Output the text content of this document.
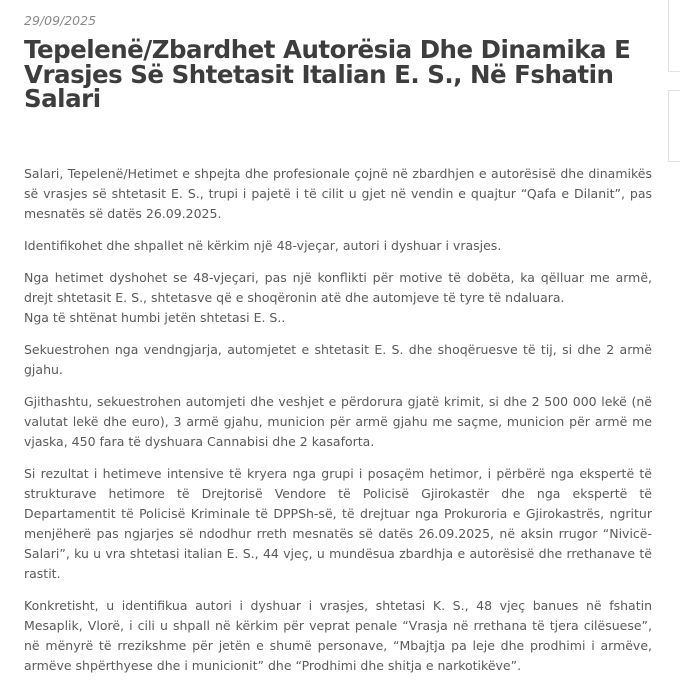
29/09/2025
Tepelenë/Zbardhet Autorësia Dhe Dinamika E Vrasjes Së Shtetasit Italian E. S., Në Fshatin Salari

Salari, Tepelenë/Hetimet e shpejta dhe profesionale çojnë në zbardhjen e autorësisë dhe dinamikës së vrasjes së shtetasit E. S., trupi i pajetë i të cilit u gjet në vendin e quajtur “Qafa e Dilanit”, pas mesnatës së datës 26.09.2025.

Identifikohet dhe shpallet në kërkim një 48-vjeçar, autori i dyshuar i vrasjes.

Nga hetimet dyshohet se 48-vjeçari, pas një konflikti për motive të dobëta, ka qëlluar me armë, drejt shtetasit E. S., shtetasve që e shoqëronin atë dhe automjeve të tyre të ndaluara.
Nga të shtënat humbi jetën shtetasi E. S..

Sekuestrohen nga vendngjarja, automjetet e shtetasit E. S. dhe shoqëruesve të tij, si dhe 2 armë gjahu.

Gjithashtu, sekuestrohen automjeti dhe veshjet e përdorura gjatë krimit, si dhe 2 500 000 lekë (në valutat lekë dhe euro), 3 armë gjahu, municion për armë gjahu me saçme, municion për armë me vjaska, 450 fara të dyshuara Cannabisi dhe 2 kasaforta.

Si rezultat i hetimeve intensive të kryera nga grupi i posaçëm hetimor, i përbërë nga ekspertë të strukturave hetimore të Drejtorisë Vendore të Policisë Gjirokastër dhe nga ekspertë të Departamentit të Policisë Kriminale të DPPSh-së, të drejtuar nga Prokuroria e Gjirokastrës, ngritur menjëherë pas ngjarjes së ndodhur rreth mesnatës së datës 26.09.2025, në aksin rrugor “Nivicë-Salari”, ku u vra shtetasi italian E. S., 44 vjeç, u mundësua zbardhja e autorësisë dhe rrethanave të rastit.

Konkretisht, u identifikua autori i dyshuar i vrasjes, shtetasi K. S., 48 vjeç banues në fshatin Mesaplik, Vlorë, i cili u shpall në kërkim për veprat penale “Vrasja në rrethana të tjera cilësuese”, në mënyrë të rrezikshme për jetën e shumë personave, “Mbajtja pa leje dhe prodhimi i armëve, armëve shpërthyese dhe i municionit” dhe “Prodhimi dhe shitja e narkotikëve”.
